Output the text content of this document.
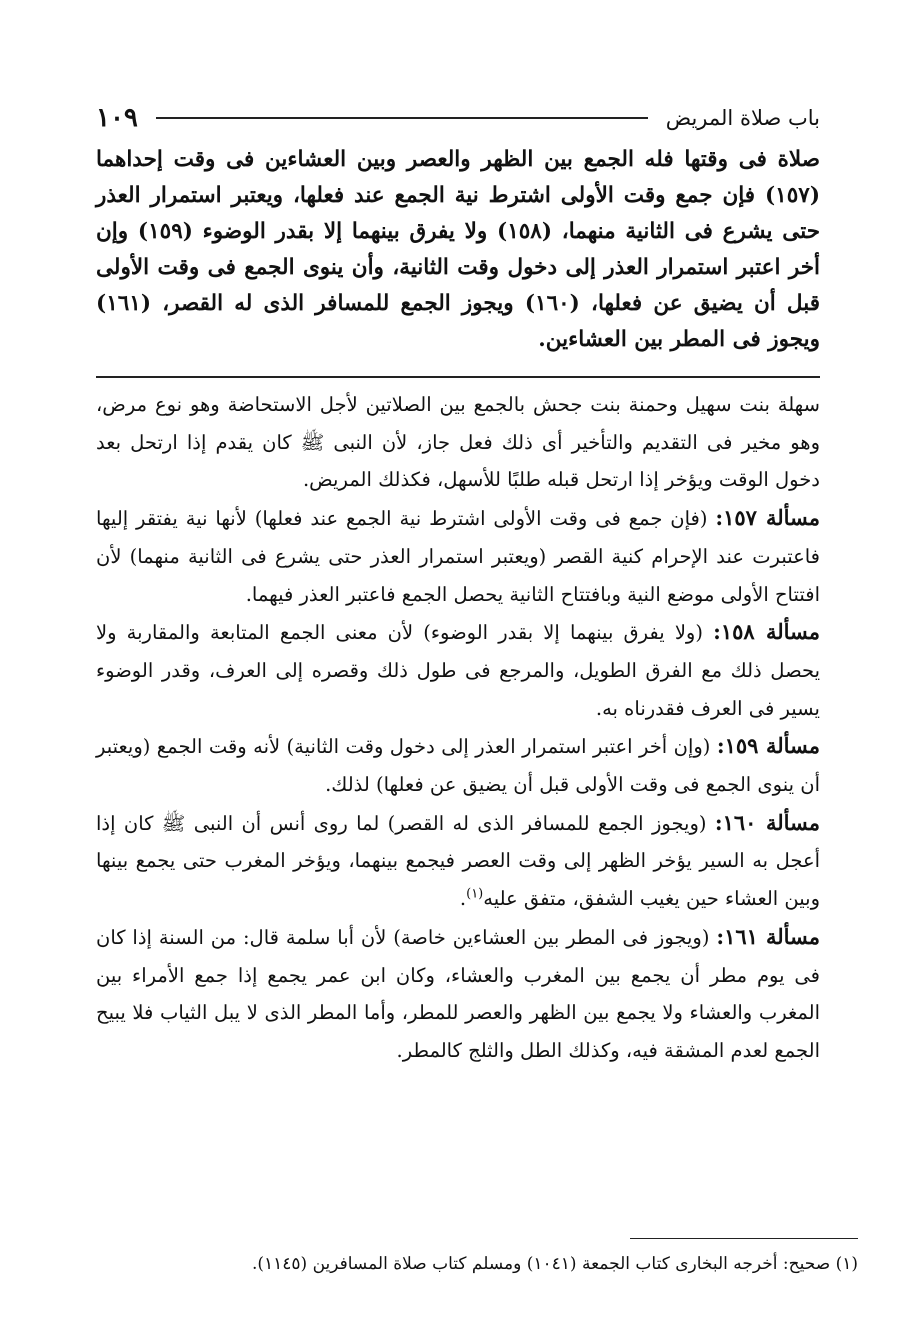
باب صلاة المريض
١٠٩

صلاة فى وقتها فله الجمع بين الظهر والعصر وبين العشاءين فى وقت إحداهما (١٥٧) فإن جمع وقت الأولى اشترط نية الجمع عند فعلها، ويعتبر استمرار العذر حتى يشرع فى الثانية منهما، (١٥٨) ولا يفرق بينهما إلا بقدر الوضوء (١٥٩) وإن أخر اعتبر استمرار العذر إلى دخول وقت الثانية، وأن ينوى الجمع فى وقت الأولى قبل أن يضيق عن فعلها، (١٦٠) ويجوز الجمع للمسافر الذى له القصر، (١٦١) ويجوز فى المطر بين العشاءين.

سهلة بنت سهيل وحمنة بنت جحش بالجمع بين الصلاتين لأجل الاستحاضة وهو نوع مرض، وهو مخير فى التقديم والتأخير أى ذلك فعل جاز، لأن النبى ﷺ كان يقدم إذا ارتحل بعد دخول الوقت ويؤخر إذا ارتحل قبله طلبًا للأسهل، فكذلك المريض.

مسألة ١٥٧: (فإن جمع فى وقت الأولى اشترط نية الجمع عند فعلها) لأنها نية يفتقر إليها فاعتبرت عند الإحرام كنية القصر (ويعتبر استمرار العذر حتى يشرع فى الثانية منهما) لأن افتتاح الأولى موضع النية وبافتتاح الثانية يحصل الجمع فاعتبر العذر فيهما.

مسألة ١٥٨: (ولا يفرق بينهما إلا بقدر الوضوء) لأن معنى الجمع المتابعة والمقاربة ولا يحصل ذلك مع الفرق الطويل، والمرجع فى طول ذلك وقصره إلى العرف، وقدر الوضوء يسير فى العرف فقدرناه به.

مسألة ١٥٩: (وإن أخر اعتبر استمرار العذر إلى دخول وقت الثانية) لأنه وقت الجمع (ويعتبر أن ينوى الجمع فى وقت الأولى قبل أن يضيق عن فعلها) لذلك.

مسألة ١٦٠: (ويجوز الجمع للمسافر الذى له القصر) لما روى أنس أن النبى ﷺ كان إذا أعجل به السير يؤخر الظهر إلى وقت العصر فيجمع بينهما، ويؤخر المغرب حتى يجمع بينها وبين العشاء حين يغيب الشفق، متفق عليه$^{(١)}$.

مسألة ١٦١: (ويجوز فى المطر بين العشاءين خاصة) لأن أبا سلمة قال: من السنة إذا كان فى يوم مطر أن يجمع بين المغرب والعشاء، وكان ابن عمر يجمع إذا جمع الأمراء بين المغرب والعشاء ولا يجمع بين الظهر والعصر للمطر، وأما المطر الذى لا يبل الثياب فلا يبيح الجمع لعدم المشقة فيه، وكذلك الطل والثلج كالمطر.

(١) صحيح: أخرجه البخارى كتاب الجمعة (١٠٤١) ومسلم كتاب صلاة المسافرين (١١٤٥).
